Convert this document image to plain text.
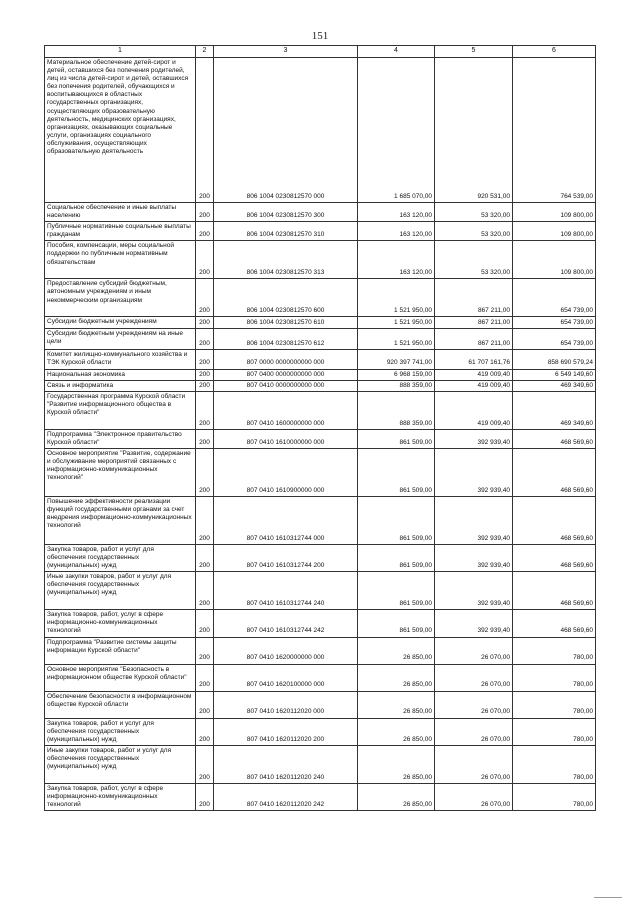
151
1	2	3	4	5	6
Материальное обеспечение детей-сирот и детей, оставшихся без попечения родителей, лиц из числа детей-сирот и детей, оставшихся без попечения родителей, обучающихся и воспитывающихся в областных государственных организациях, осуществляющих образовательную деятельность, медицинских организациях, организациях, оказывающих социальные услуги, организациях социального обслуживания, осуществляющих образовательную деятельность	200	806 1004 0230812570 000	1 685 070,00	920 531,00	764 539,00
Социальное обеспечение и иные выплаты населению	200	806 1004 0230812570 300	163 120,00	53 320,00	109 800,00
Публичные нормативные социальные выплаты гражданам	200	806 1004 0230812570 310	163 120,00	53 320,00	109 800,00
Пособия, компенсации, меры социальной поддержки по публичным нормативным обязательствам	200	806 1004 0230812570 313	163 120,00	53 320,00	109 800,00
Предоставление субсидий бюджетным, автономным учреждениям и иным некоммерческим организациям	200	806 1004 0230812570 600	1 521 950,00	867 211,00	654 739,00
Субсидии бюджетным учреждениям	200	806 1004 0230812570 610	1 521 950,00	867 211,00	654 739,00
Субсидии бюджетным учреждениям на иные цели	200	806 1004 0230812570 612	1 521 950,00	867 211,00	654 739,00
Комитет жилищно-коммунального хозяйства и ТЭК Курской области	200	807 0000 0000000000 000	920 397 741,00	61 707 161,76	858 690 579,24
Национальная экономика	200	807 0400 0000000000 000	6 968 159,00	419 009,40	6 549 149,60
Связь и информатика	200	807 0410 0000000000 000	888 359,00	419 009,40	469 349,60
Государственная программа Курской области "Развитие информационного общества в Курской области"	200	807 0410 1600000000 000	888 359,00	419 009,40	469 349,60
Подпрограмма "Электронное правительство Курской области"	200	807 0410 1610000000 000	861 509,00	392 939,40	468 569,60
Основное мероприятие "Развитие, содержание и обслуживание мероприятий связанных с информационно-коммуникационных технологий"	200	807 0410 1610900000 000	861 509,00	392 939,40	468 569,60
Повышение эффективности реализации функций государственными органами за счет внедрения информационно-коммуникационных технологий	200	807 0410 1610312744 000	861 509,00	392 939,40	468 569,60
Закупка товаров, работ и услуг для обеспечения государственных (муниципальных) нужд	200	807 0410 1610312744 200	861 509,00	392 939,40	468 569,60
Иные закупки товаров, работ и услуг для обеспечения государственных (муниципальных) нужд	200	807 0410 1610312744 240	861 509,00	392 939,40	468 569,60
Закупка товаров, работ, услуг в сфере информационно-коммуникационных технологий	200	807 0410 1610312744 242	861 509,00	392 939,40	468 569,60
Подпрограмма "Развитие системы защиты информации Курской области"	200	807 0410 1620000000 000	26 850,00	26 070,00	780,00
Основное мероприятие "Безопасность в информационном обществе Курской области"	200	807 0410 1620100000 000	26 850,00	26 070,00	780,00
Обеспечение безопасности в информационном обществе Курской области	200	807 0410 1620112020 000	26 850,00	26 070,00	780,00
Закупка товаров, работ и услуг для обеспечения государственных (муниципальных) нужд	200	807 0410 1620112020 200	26 850,00	26 070,00	780,00
Иные закупки товаров, работ и услуг для обеспечения государственных (муниципальных) нужд	200	807 0410 1620112020 240	26 850,00	26 070,00	780,00
Закупка товаров, работ, услуг в сфере информационно-коммуникационных технологий	200	807 0410 1620112020 242	26 850,00	26 070,00	780,00
